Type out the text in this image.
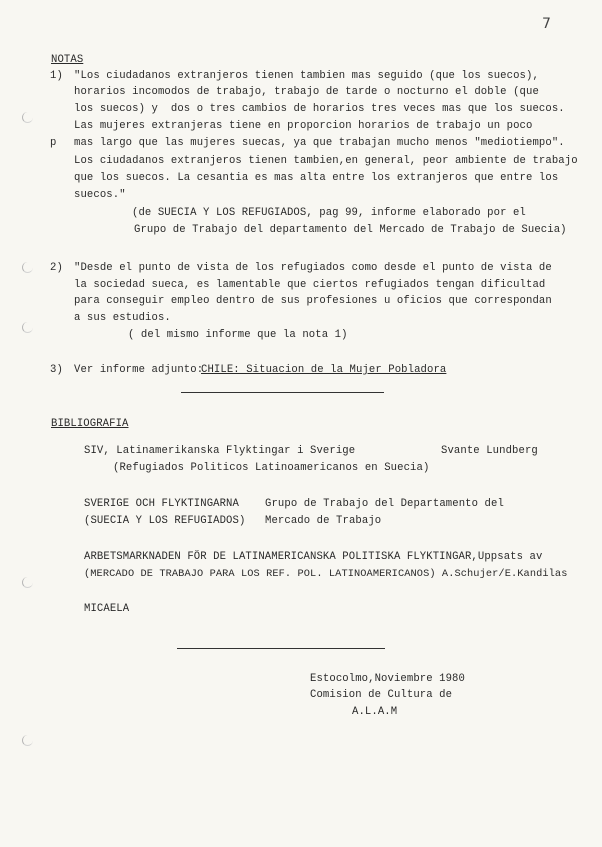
7
NOTAS
1) "Los ciudadanos extranjeros tienen tambien mas seguido (que los suecos),
horarios incomodos de trabajo, trabajo de tarde o nocturno el doble (que
los suecos) y  dos o tres cambios de horarios tres veces mas que los suecos.
Las mujeres extranjeras tiene en proporcion horarios de trabajo un poco
p mas largo que las mujeres suecas, ya que trabajan mucho menos "mediotiempo".
Los ciudadanos extranjeros tienen tambien,en general, peor ambiente de trabajo
que los suecos. La cesantia es mas alta entre los extranjeros que entre los
suecos."
(de SUECIA Y LOS REFUGIADOS, pag 99, informe elaborado por el
Grupo de Trabajo del departamento del Mercado de Trabajo de Suecia)
2) "Desde el punto de vista de los refugiados como desde el punto de vista de
la sociedad sueca, es lamentable que ciertos refugiados tengan dificultad
para conseguir empleo dentro de sus profesiones u oficios que correspondan
a sus estudios.
( del mismo informe que la nota 1)
3) Ver informe adjunto:
CHILE: Situacion de la Mujer Pobladora
BIBLIOGRAFIA
SIV, Latinamerikanska Flyktingar i Sverige	Svante Lundberg
(Refugiados Politicos Latinoamericanos en Suecia)
SVERIGE OCH FLYKTINGARNA Grupo de Trabajo del Departamento del
(SUECIA Y LOS REFUGIADOS) Mercado de Trabajo
ARBETSMARKNADEN FÖR DE LATINAMERICANSKA POLITISKA FLYKTINGAR,Uppsats av
(MERCADO DE TRABAJO PARA LOS REF. POL. LATINOAMERICANOS) A.Schujer/E.Kandilas
MICAELA
Estocolmo,Noviembre 1980
Comision de Cultura de
A.L.A.M
